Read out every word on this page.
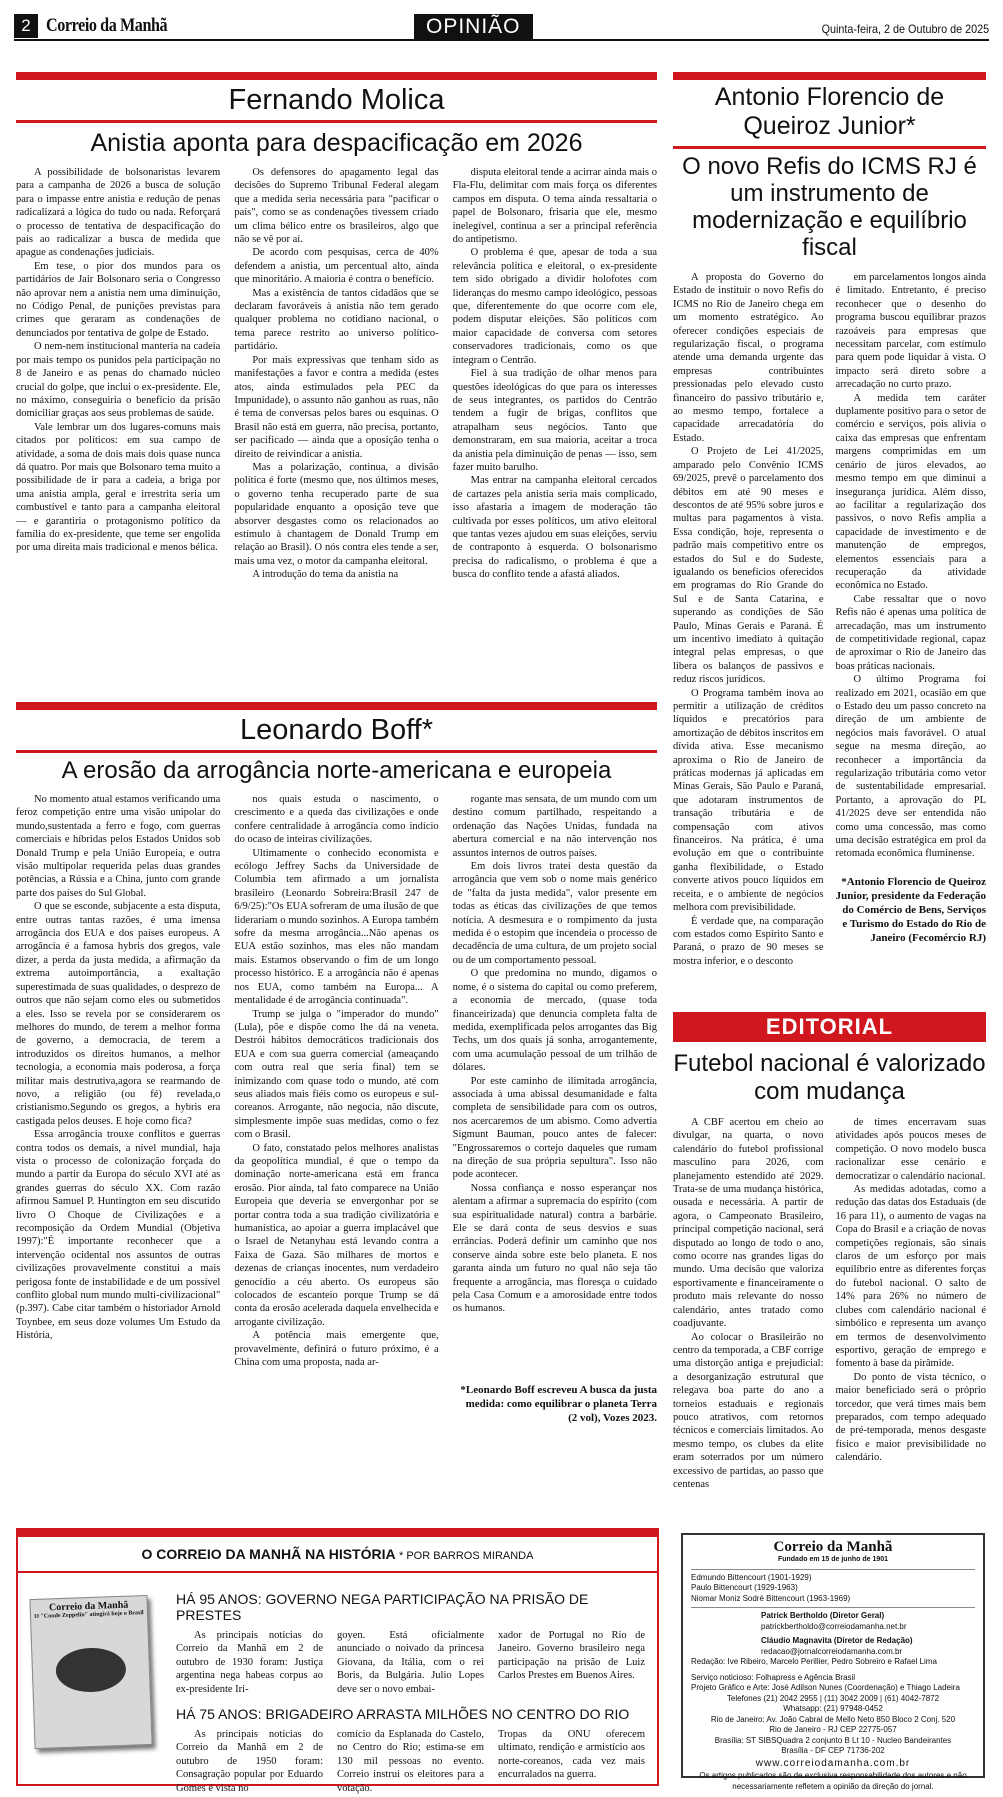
2 Correio da Manhã	OPINIÃO	Quinta-feira, 2 de Outubro de 2025
Fernando Molica
Anistia aponta para despacificação em 2026

A possibilidade de bolsonaristas levarem para a campanha de 2026 a busca de solução para o impasse entre anistia e redução de penas radicalizará a lógica do tudo ou nada. Reforçará o processo de tentativa de despacificação do país ao radicalizar a busca de medida que apague as condenações judiciais.

Em tese, o pior dos mundos para os partidários de Jair Bolsonaro seria o Congresso não aprovar nem a anistia nem uma diminuição, no Código Penal, de punições previstas para crimes que geraram as condenações de denunciados por tentativa de golpe de Estado.

O nem-nem institucional manteria na cadeia por mais tempo os punidos pela participação no 8 de Janeiro e as penas do chamado núcleo crucial do golpe, que inclui o ex-presidente. Ele, no máximo, conseguiria o benefício da prisão domiciliar graças aos seus problemas de saúde.

Vale lembrar um dos lugares-comuns mais citados por políticos: em sua campo de atividade, a soma de dois mais dois quase nunca dá quatro. Por mais que Bolsonaro tema muito a possibilidade de ir para a cadeia, a briga por uma anistia ampla, geral e irrestrita seria um combustível e tanto para a campanha eleitoral — e garantiria o protagonismo político da família do ex-presidente, que teme ser engolida por uma direita mais tradicional e menos bélica.

Os defensores do apagamento legal das decisões do Supremo Tribunal Federal alegam que a medida seria necessária para "pacificar o país", como se as condenações tivessem criado um clima bélico entre os brasileiros, algo que não se vê por aí.

De acordo com pesquisas, cerca de 40% defendem a anistia, um percentual alto, ainda que minoritário. A maioria é contra o benefício.

Mas a existência de tantos cidadãos que se declaram favoráveis à anistia não tem gerado qualquer problema no cotidiano nacional, o tema parece restrito ao universo político-partidário.

Por mais expressivas que tenham sido as manifestações a favor e contra a medida (estes atos, ainda estimulados pela PEC da Impunidade), o assunto não ganhou as ruas, não é tema de conversas pelos bares ou esquinas. O Brasil não está em guerra, não precisa, portanto, ser pacificado — ainda que a oposição tenha o direito de reivindicar a anistia.

Mas a polarização, continua, a divisão política é forte (mesmo que, nos últimos meses, o governo tenha recuperado parte de sua popularidade enquanto a oposição teve que absorver desgastes como os relacionados ao estímulo à chantagem de Donald Trump em relação ao Brasil). O nós contra eles tende a ser, mais uma vez, o motor da campanha eleitoral.

A introdução do tema da anistia na

disputa eleitoral tende a acirrar ainda mais o Fla-Flu, delimitar com mais força os diferentes campos em disputa. O tema ainda ressaltaria o papel de Bolsonaro, frisaria que ele, mesmo inelegível, continua a ser a principal referência do antipetismo.

O problema é que, apesar de toda a sua relevância política e eleitoral, o ex-presidente tem sido obrigado a dividir holofotes com lideranças do mesmo campo ideológico, pessoas que, diferentemente do que ocorre com ele, podem disputar eleições. São políticos com maior capacidade de conversa com setores conservadores tradicionais, como os que integram o Centrão.

Fiel à sua tradição de olhar menos para questões ideológicas do que para os interesses de seus integrantes, os partidos do Centrão tendem a fugir de brigas, conflitos que atrapalham seus negócios. Tanto que demonstraram, em sua maioria, aceitar a troca da anistia pela diminuição de penas — isso, sem fazer muito barulho.

Mas entrar na campanha eleitoral cercados de cartazes pela anistia seria mais complicado, isso afastaria a imagem de moderação tão cultivada por esses políticos, um ativo eleitoral que tantas vezes ajudou em suas eleições, serviu de contraponto à esquerda. O bolsonarismo precisa do radicalismo, o problema é que a busca do conflito tende a afastá aliados.

Leonardo Boff*
A erosão da arrogância norte-americana e europeia

No momento atual estamos verificando uma feroz competição entre uma visão unipolar do mundo,sustentada a ferro e fogo, com guerras comerciais e híbridas pelos Estados Unidos sob Donald Trump e pela União Europeia, e outra visão multipolar requerida pelas duas grandes potências, a Rússia e a China, junto com grande parte dos países do Sul Global.

O que se esconde, subjacente a esta disputa, entre outras tantas razões, é uma imensa arrogância dos EUA e dos países europeus. A arrogância é a famosa hybris dos gregos, vale dizer, a perda da justa medida, a afirmação da extrema autoimportância, a exaltação superestimada de suas qualidades, o desprezo de outros que não sejam como eles ou submetidos a eles. Isso se revela por se considerarem os melhores do mundo, de terem a melhor forma de governo, a democracia, de terem a introduzidos os direitos humanos, a melhor tecnologia, a economia mais poderosa, a força militar mais destrutiva,agora se rearmando de novo, a religião (ou fé) revelada,o cristianismo.Segundo os gregos, a hybris era castigada pelos deuses. E hoje como fica?

Essa arrogância trouxe conflitos e guerras contra todos os demais, a nível mundial, haja vista o processo de colonização forçada do mundo a partir da Europa do século XVI até as grandes guerras do século XX. Com razão afirmou Samuel P. Huntington em seu discutido livro O Choque de Civilizações e a recomposição da Ordem Mundial (Objetiva 1997):"É importante reconhecer que a intervenção ocidental nos assuntos de outras civilizações provavelmente constitui a mais perigosa fonte de instabilidade e de um possível conflito global num mundo multi-civilizacional"(p.397). Cabe citar também o historiador Arnold Toynbee, em seus doze volumes Um Estudo da História,

nos quais estuda o nascimento, o crescimento e a queda das civilizações e onde confere centralidade à arrogância como indício do ocaso de inteiras civilizações.

Ultimamente o conhecido economista e ecólogo Jeffrey Sachs da Universidade de Columbia tem afirmado a um jornalista brasileiro (Leonardo Sobreira:Brasil 247 de 6/9/25):"Os EUA sofreram de uma ilusão de que liderariam o mundo sozinhos. A Europa também sofre da mesma arrogância...Não apenas os EUA estão sozinhos, mas eles não mandam mais. Estamos observando o fim de um longo processo histórico. E a arrogância não é apenas nos EUA, como também na Europa... A mentalidade é de arrogância continuada".

Trump se julga o "imperador do mundo" (Lula), põe e dispõe como lhe dá na veneta. Destrói hábitos democráticos tradicionais dos EUA e com sua guerra comercial (ameaçando com outra real que seria final) tem se inimizando com quase todo o mundo, até com seus aliados mais fiéis como os europeus e sul-coreanos. Arrogante, não negocia, não discute, simplesmente impõe suas medidas, como o fez com o Brasil.

O fato, constatado pelos melhores analistas da geopolítica mundial, é que o tempo da dominação norte-americana está em franca erosão. Pior ainda, tal fato comparece na União Europeia que deveria se envergonhar por se portar contra toda a sua tradição civilizatória e humanística, ao apoiar a guerra implacável que o Israel de Netanyhau está levando contra a Faixa de Gaza. São milhares de mortos e dezenas de crianças inocentes, num verdadeiro genocídio a céu aberto. Os europeus são colocados de escanteio porque Trump se dá conta da erosão acelerada daquela envelhecida e arrogante civilização.

A potência mais emergente que, provavelmente, definirá o futuro próximo, é a China com uma proposta, nada ar-

rogante mas sensata, de um mundo com um destino comum partilhado, respeitando a ordenação das Nações Unidas, fundada na abertura comercial e na não intervenção nos assuntos internos de outros países.

Em dois livros tratei desta questão da arrogância que vem sob o nome mais genérico de "falta da justa medida", valor presente em todas as éticas das civilizações de que temos notícia. A desmesura e o rompimento da justa medida é o estopim que incendeia o processo de decadência de uma cultura, de um projeto social ou de um comportamento pessoal.

O que predomina no mundo, digamos o nome, é o sistema do capital ou como preferem, a economia de mercado, (quase toda financeirizada) que denuncia completa falta de medida, exemplificada pelos arrogantes das Big Techs, um dos quais já sonha, arrogantemente, com uma acumulação pessoal de um trilhão de dólares.

Por este caminho de ilimitada arrogância, associada à uma abissal desumanidade e falta completa de sensibilidade para com os outros, nos acercaremos de um abismo. Como advertia Sigmunt Bauman, pouco antes de falecer: "Engrossaremos o cortejo daqueles que rumam na direção de sua própria sepultura". Isso não pode acontecer.

Nossa confiança e nosso esperançar nos alentam a afirmar a supremacia do espírito (com sua espiritualidade natural) contra a barbárie. Ele se dará conta de seus desvios e suas errâncias. Poderá definir um caminho que nos conserve ainda sobre este belo planeta. E nos garanta ainda um futuro no qual não seja tão frequente a arrogância, mas floresça o cuidado pela Casa Comum e a amorosidade entre todos os humanos.

*Leonardo Boff escreveu A busca da justa medida: como equilibrar o planeta Terra (2 vol), Vozes 2023.
Antonio Florencio de Queiroz Junior*
O novo Refis do ICMS RJ é um instrumento de modernização e equilíbrio fiscal

A proposta do Governo do Estado de instituir o novo Refis do ICMS no Rio de Janeiro chega em um momento estratégico. Ao oferecer condições especiais de regularização fiscal, o programa atende uma demanda urgente das empresas contribuintes pressionadas pelo elevado custo financeiro do passivo tributário e, ao mesmo tempo, fortalece a capacidade arrecadatória do Estado.

O Projeto de Lei 41/2025, amparado pelo Convênio ICMS 69/2025, prevê o parcelamento dos débitos em até 90 meses e descontos de até 95% sobre juros e multas para pagamentos à vista. Essa condição, hoje, representa o padrão mais competitivo entre os estados do Sul e do Sudeste, igualando os benefícios oferecidos em programas do Rio Grande do Sul e de Santa Catarina, e superando as condições de São Paulo, Minas Gerais e Paraná. É um incentivo imediato à quitação integral pelas empresas, o que libera os balanços de passivos e reduz riscos jurídicos.

O Programa também inova ao permitir a utilização de créditos líquidos e precatórios para amortização de débitos inscritos em dívida ativa. Esse mecanismo aproxima o Rio de Janeiro de práticas modernas já aplicadas em Minas Gerais, São Paulo e Paraná, que adotaram instrumentos de transação tributária e de compensação com ativos financeiros. Na prática, é uma evolução em que o contribuinte ganha flexibilidade, o Estado converte ativos pouco líquidos em receita, e o ambiente de negócios melhora com previsibilidade.

É verdade que, na comparação com estados como Espírito Santo e Paraná, o prazo de 90 meses se mostra inferior, e o desconto

em parcelamentos longos ainda é limitado. Entretanto, é preciso reconhecer que o desenho do programa buscou equilibrar prazos razoáveis para empresas que necessitam parcelar, com estímulo para quem pode liquidar à vista. O impacto será direto sobre a arrecadação no curto prazo.

A medida tem caráter duplamente positivo para o setor de comércio e serviços, pois alivia o caixa das empresas que enfrentam margens comprimidas em um cenário de juros elevados, ao mesmo tempo em que diminui a insegurança jurídica. Além disso, ao facilitar a regularização dos passivos, o novo Refis amplia a capacidade de investimento e de manutenção de empregos, elementos essenciais para a recuperação da atividade econômica no Estado.

Cabe ressaltar que o novo Refis não é apenas uma política de arrecadação, mas um instrumento de competitividade regional, capaz de aproximar o Rio de Janeiro das boas práticas nacionais.

O último Programa foi realizado em 2021, ocasião em que o Estado deu um passo concreto na direção de um ambiente de negócios mais favorável. O atual segue na mesma direção, ao reconhecer a importância da regularização tributária como vetor de sustentabilidade empresarial. Portanto, a aprovação do PL 41/2025 deve ser entendida não como uma concessão, mas como uma decisão estratégica em prol da retomada econômica fluminense.

*Antonio Florencio de Queiroz Junior, presidente da Federação do Comércio de Bens, Serviços e Turismo do Estado do Rio de Janeiro (Fecomércio RJ)
EDITORIAL
Futebol nacional é valorizado com mudança

A CBF acertou em cheio ao divulgar, na quarta, o novo calendário do futebol profissional masculino para 2026, com planejamento estendido até 2029. Trata-se de uma mudança histórica, ousada e necessária. A partir de agora, o Campeonato Brasileiro, principal competição nacional, será disputado ao longo de todo o ano, como ocorre nas grandes ligas do mundo. Uma decisão que valoriza esportivamente e financeiramente o produto mais relevante do nosso calendário, antes tratado como coadjuvante.

Ao colocar o Brasileirão no centro da temporada, a CBF corrige uma distorção antiga e prejudicial: a desorganização estrutural que relegava boa parte do ano a torneios estaduais e regionais pouco atrativos, com retornos técnicos e comerciais limitados. Ao mesmo tempo, os clubes da elite eram soterrados por um número excessivo de partidas, ao passo que centenas

de times encerravam suas atividades após poucos meses de competição. O novo modelo busca racionalizar esse cenário e democratizar o calendário nacional.

As medidas adotadas, como a redução das datas dos Estaduais (de 16 para 11), o aumento de vagas na Copa do Brasil e a criação de novas competições regionais, são sinais claros de um esforço por mais equilíbrio entre as diferentes forças do futebol nacional. O salto de 14% para 26% no número de clubes com calendário nacional é simbólico e representa um avanço em termos de desenvolvimento esportivo, geração de emprego e fomento à base da pirâmide.

Do ponto de vista técnico, o maior beneficiado será o próprio torcedor, que verá times mais bem preparados, com tempo adequado de pré-temporada, menos desgaste físico e maior previsibilidade no calendário.

O CORREIO DA MANHÃ NA HISTÓRIA * POR BARROS MIRANDA
Correio da Manhã
O "Conde Zeppelin" atingirá hoje o Brasil
HÁ 95 ANOS: GOVERNO NEGA PARTICIPAÇÃO NA PRISÃO DE PRESTES

As principais notícias do Correio da Manhã em 2 de outubro de 1930 foram: Justiça argentina nega habeas corpus ao ex-presidente Iri-

goyen. Está oficialmente anunciado o noivado da princesa Giovana, da Itália, com o rei Boris, da Bulgária. Julio Lopes deve ser o novo embai-

xador de Portugal no Rio de Janeiro. Governo brasileiro nega participação na prisão de Luiz Carlos Prestes em Buenos Aires.

HÁ 75 ANOS: BRIGADEIRO ARRASTA MILHÕES NO CENTRO DO RIO

As principais notícias do Correio da Manhã em 2 de outubro de 1950 foram: Consagração popular por Eduardo Gomes é vista no

comício da Esplanada do Castelo, no Centro do Rio; estima-se em 130 mil pessoas no evento. Correio instrui os eleitores para a votação.

Tropas da ONU oferecem ultimato, rendição e armistício aos norte-coreanos, cada vez mais encurralados na guerra.

Correio da Manhã
Fundado em 15 de junho de 1901
Edmundo Bittencourt (1901-1929)
Paulo Bittencourt (1929-1963)
Niomar Moniz Sodré Bittencourt (1963-1969)
Patrick Bertholdo (Diretor Geral)
patrickbertholdo@correiodamanha.net.br
Cláudio Magnavita (Diretor de Redação)
redacao@jornalcorreiodamanha.com.br
Redação: Ive Ribeiro, Marcelo Perillier, Pedro Sobreiro e Rafael Lima
Serviço noticioso: Folhapress e Agência Brasil
Projeto Gráfico e Arte: José Adilson Nunes (Coordenação) e Thiago Ladeira
Telefones (21) 2042 2955 | (11) 3042 2009 | (61) 4042-7872
Whatsapp: (21) 97948-0452
Rio de Janeiro: Av. João Cabral de Mello Neto 850 Bloco 2 Conj. 520
Rio de Janeiro - RJ CEP 22775-057
Brasília: ST SIBSQuadra 2 conjunto B Lt 10 - Nucleo Bandeirantes
Brasília - DF CEP 71736-202
www.correiodamanha.com.br
Os artigos publicados são de exclusiva responsabilidade dos autores e não necessariamente refletem a opinião da direção do jornal.
